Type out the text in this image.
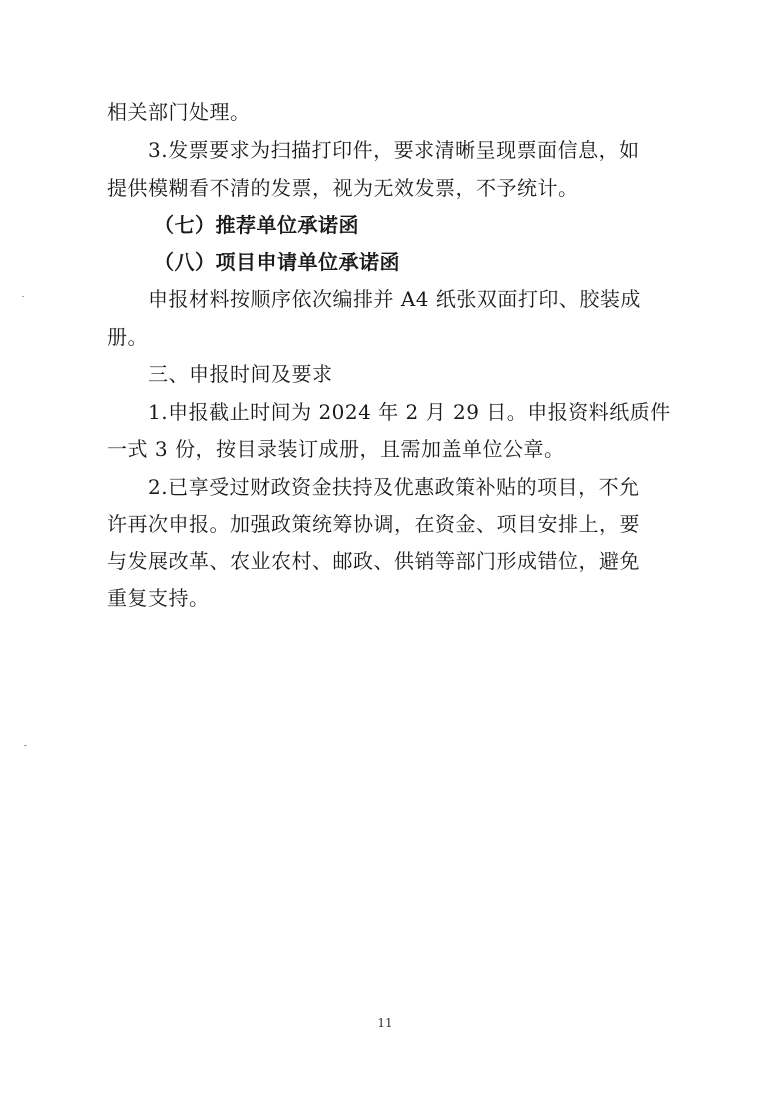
相关部门处理。
3.发票要求为扫描打印件，要求清晰呈现票面信息，如
提供模糊看不清的发票，视为无效发票，不予统计。
（七）推荐单位承诺函
（八）项目申请单位承诺函
申报材料按顺序依次编排并 A4 纸张双面打印、胶装成
册。
三、申报时间及要求
1.申报截止时间为 2024 年 2 月 29 日。申报资料纸质件
一式 3 份，按目录装订成册，且需加盖单位公章。
2.已享受过财政资金扶持及优惠政策补贴的项目，不允
许再次申报。加强政策统筹协调，在资金、项目安排上，要
与发展改革、农业农村、邮政、供销等部门形成错位，避免
重复支持。
11
